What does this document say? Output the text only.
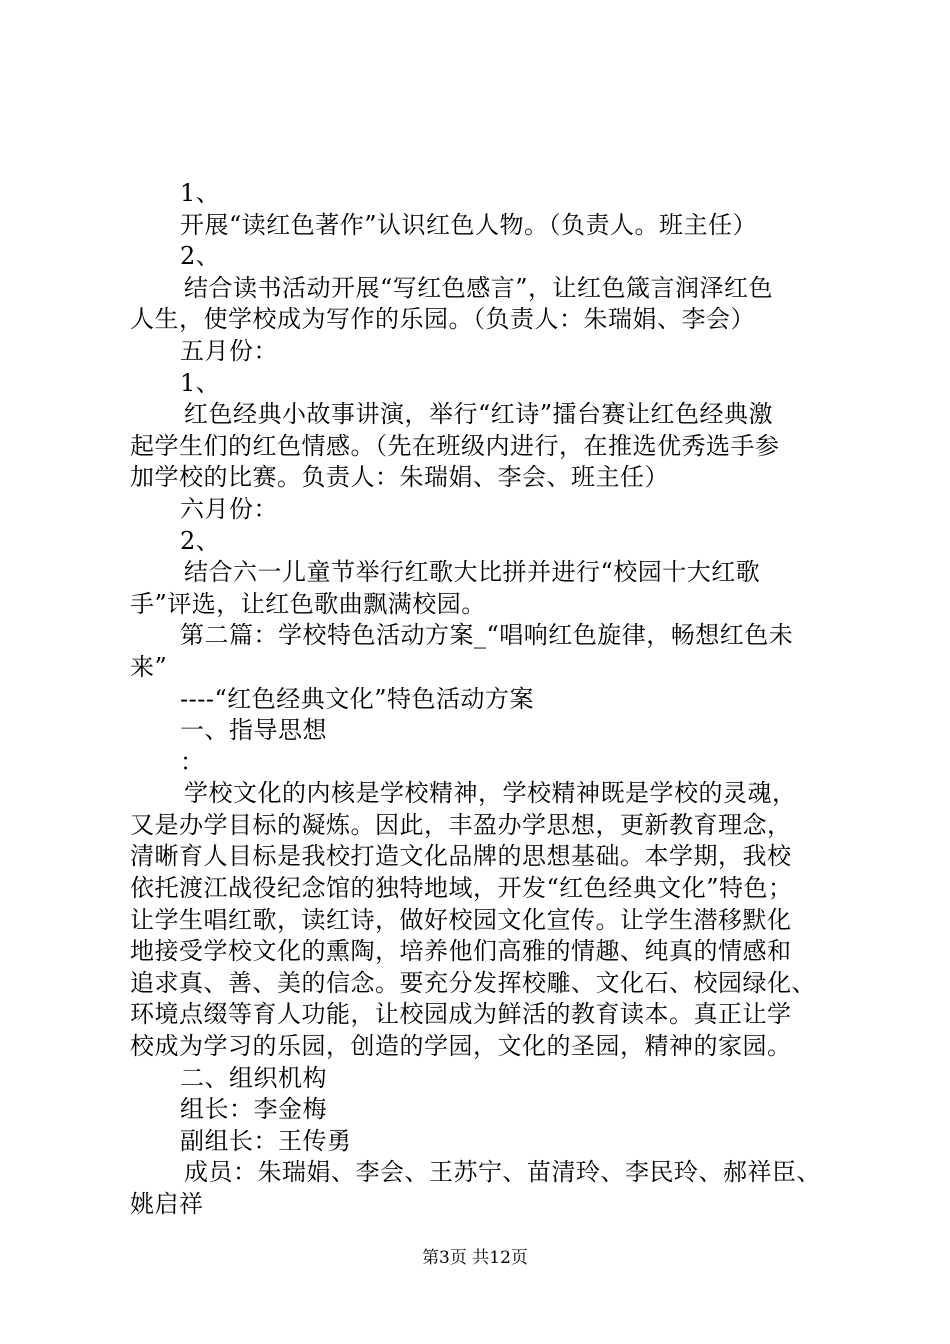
1、
开展“读红色著作”认识红色人物。（负责人。班主任）
2、
结合读书活动开展“写红色感言”，让红色箴言润泽红色
人生，使学校成为写作的乐园。（负责人：朱瑞娟、李会）
五月份：
1、
红色经典小故事讲演，举行“红诗”擂台赛让红色经典激
起学生们的红色情感。（先在班级内进行，在推选优秀选手参
加学校的比赛。负责人：朱瑞娟、李会、班主任）
六月份：
2、
结合六一儿童节举行红歌大比拼并进行“校园十大红歌
手”评选，让红色歌曲飘满校园。
第二篇：学校特色活动方案_“唱响红色旋律，畅想红色未
来”
----“红色经典文化”特色活动方案
一、指导思想
：
学校文化的内核是学校精神，学校精神既是学校的灵魂，
又是办学目标的凝炼。因此，丰盈办学思想，更新教育理念，
清晰育人目标是我校打造文化品牌的思想基础。本学期，我校
依托渡江战役纪念馆的独特地域，开发“红色经典文化”特色；
让学生唱红歌，读红诗，做好校园文化宣传。让学生潜移默化
地接受学校文化的熏陶，培养他们高雅的情趣、纯真的情感和
追求真、善、美的信念。要充分发挥校雕、文化石、校园绿化、
环境点缀等育人功能，让校园成为鲜活的教育读本。真正让学
校成为学习的乐园，创造的学园，文化的圣园，精神的家园。
二、组织机构
组长：李金梅
副组长：王传勇
成员：朱瑞娟、李会、王苏宁、苗清玲、李民玲、郝祥臣、
姚启祥
第3页 共12页
